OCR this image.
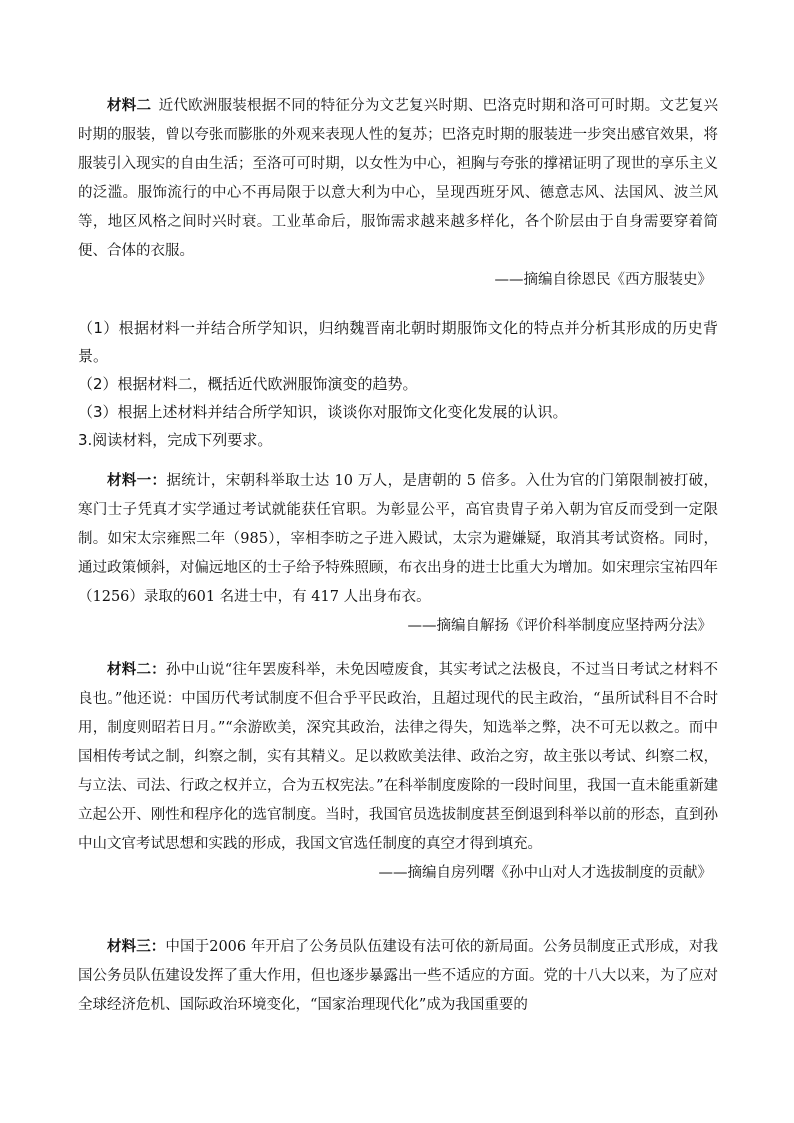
材料二  近代欧洲服装根据不同的特征分为文艺复兴时期、巴洛克时期和洛可可时期。文艺复兴时期的服装，曾以夸张而膨胀的外观来表现人性的复苏；巴洛克时期的服装进一步突出感官效果，将服装引入现实的自由生活；至洛可可时期，以女性为中心，袒胸与夸张的撑裙证明了现世的享乐主义的泛滥。服饰流行的中心不再局限于以意大利为中心，呈现西班牙风、德意志风、法国风、波兰风等，地区风格之间时兴时衰。工业革命后，服饰需求越来越多样化，各个阶层由于自身需要穿着简便、合体的衣服。

——摘编自徐恩民《西方服装史》

（1）根据材料一并结合所学知识，归纳魏晋南北朝时期服饰文化的特点并分析其形成的历史背景。

（2）根据材料二，概括近代欧洲服饰演变的趋势。

（3）根据上述材料并结合所学知识，谈谈你对服饰文化变化发展的认识。

3.阅读材料，完成下列要求。

材料一：据统计，宋朝科举取士达 10 万人，是唐朝的 5 倍多。入仕为官的门第限制被打破，寒门士子凭真才实学通过考试就能获任官职。为彰显公平，高官贵胄子弟入朝为官反而受到一定限制。如宋太宗雍熙二年（985），宰相李昉之子进入殿试，太宗为避嫌疑，取消其考试资格。同时，通过政策倾斜，对偏远地区的士子给予特殊照顾，布衣出身的进士比重大为增加。如宋理宗宝祐四年（1256）录取的601 名进士中，有 417 人出身布衣。

——摘编自解扬《评价科举制度应坚持两分法》

材料二：孙中山说“往年罢废科举，未免因噎废食，其实考试之法极良，不过当日考试之材料不良也。”他还说：中国历代考试制度不但合乎平民政治，且超过现代的民主政治，“虽所试科目不合时用，制度则昭若日月。”“余游欧美，深究其政治，法律之得失，知选举之弊，决不可无以救之。而中国相传考试之制，纠察之制，实有其精义。足以救欧美法律、政治之穷，故主张以考试、纠察二权，与立法、司法、行政之权并立，合为五权宪法。”在科举制度废除的一段时间里，我国一直未能重新建立起公开、刚性和程序化的选官制度。当时，我国官员选拔制度甚至倒退到科举以前的形态，直到孙中山文官考试思想和实践的形成，我国文官选任制度的真空才得到填充。

——摘编自房列曙《孙中山对人才选拔制度的贡献》

材料三：中国于2006 年开启了公务员队伍建设有法可依的新局面。公务员制度正式形成，对我国公务员队伍建设发挥了重大作用，但也逐步暴露出一些不适应的方面。党的十八大以来，为了应对全球经济危机、国际政治环境变化，“国家治理现代化”成为我国重要的
